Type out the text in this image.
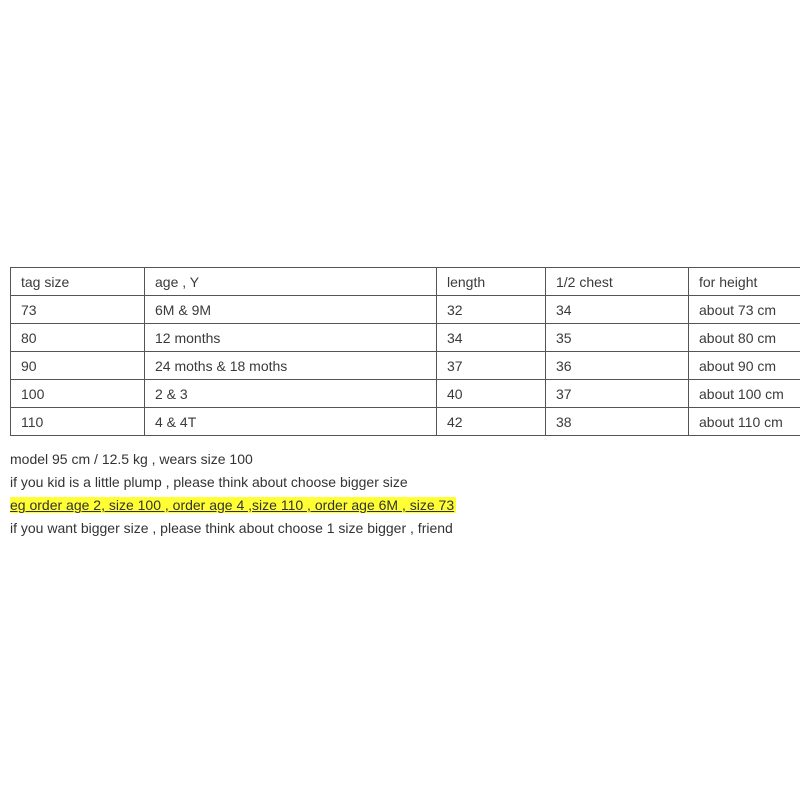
tag size	age , Y	length	1/2 chest	for height
73	6M & 9M	32	34	about 73 cm
80	12 months	34	35	about 80 cm
90	24 moths & 18 moths	37	36	about 90 cm
100	2 & 3	40	37	about 100 cm
110	4 & 4T	42	38	about 110 cm

model 95 cm / 12.5 kg , wears size 100

if you kid is a little plump , please think about choose bigger size

eg order age 2, size 100 , order age 4 ,size 110 , order age 6M , size 73

if you want bigger size , please think about choose 1 size bigger , friend
